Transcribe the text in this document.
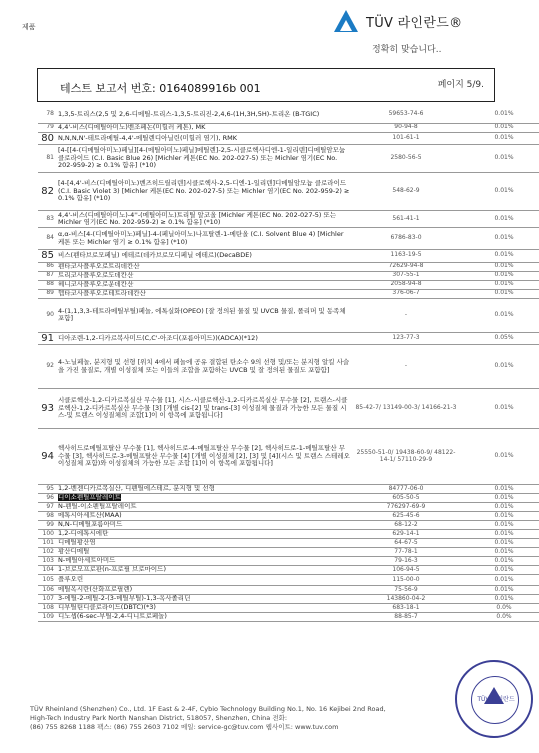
제품	TÜV 라인란드®
정확히 맞습니다..
테스트 보고서 번호: 0164089916b 001	페이지 5/9.
78	1,3,5-트리스(2,5 및 2,6-디메틸-트리스-1,3,5-트리진-2,4,6-(1H,3H,5H)-트리온 (B-TGIC)	59653-74-6	0.01%
79	4,4'-비스(디메틸아미노)벤조페논(미힐러 케톤), MK	90-94-8	0.01%
80	N,N,N,N'-테트라메틸-4,4'-메틸렌디아닐린(미힐러 염기), RMK	101-61-1	0.01%
81	[4-[[4-(디메틸아미노)페닐][4-(메틸아미노)페닐]메틸렌]-2,5-시클로헥사디엔-1-일리덴]디메틸암모늄 클로라이드 (C.I. Basic Blue 26) [Michler 케톤(EC No. 202-027-5) 또는 Michler 염기(EC No. 202-959-2) ≥ 0.1% 함유] (*10)	2580-56-5	0.01%
82	[4-[4,4'-비스(디메틸아미노)벤즈히드릴리덴]시클로헥사-2,5-디엔-1-일리덴]디메틸암모늄 클로라이드 (C.I. Basic Violet 3) [Michler 케톤(EC No. 202-027-5) 또는 Michler 염기(EC No. 202-959-2) ≥ 0.1% 함유] (*10)	548-62-9	0.01%
83	4,4'-비스(디메틸아미노)-4''-(메틸아미노)트리틸 알코올 [Michler 케톤(EC No. 202-027-5) 또는 Michler 염기(EC No. 202-959-2) ≥ 0.1% 함유] (*10)	561-41-1	0.01%
84	α,α-비스[4-(디메틸아미노)페닐]-4-(페닐아미노)나프탈렌-1-메탄올 (C.I. Solvent Blue 4) [Michler 케톤 또는 Michler 염기 ≥ 0.1% 함유] (*10)	6786-83-0	0.01%
85	비스(펜타브로모페닐) 에테르(데카브로모디페닐 에테르)(DecaBDE)	1163-19-5	0.01%
86	펜타코사플루오로트리데칸산	72629-94-8	0.01%
87	트리코사플루오로도데칸산	307-55-1	0.01%
88	헤니코사플루오로운데칸산	2058-94-8	0.01%
89	헵타코사플루오로테트라데칸산	376-06-7	0.01%
90	4-(1,1,3,3-테트라메틸부틸)페놀, 에톡실화(OPEO) [잘 정의된 물질 및 UVCB 물질, 폴리머 및 동족체 포함]	-	0.01%
91	디아조렌-1,2-디카르복사미드(C,C'-아조디(포름아미드))(ADCA)(*12)	123-77-3	0.05%
92	4-노닐페놀, 분지형 및 선형 [위치 4에서 페놀에 공유 결합된 탄소수 9의 선형 및/또는 분지형 알킬 사슬을 가진 물질로, 개별 이성질체 또는 이들의 조합을 포함하는 UVCB 및 잘 정의된 물질도 포함함]	-	0.01%
93	시클로헥산-1,2-디카르복실산 무수물 [1], 시스-시클로헥산-1,2-디카르복실산 무수물 [2], 트랜스-시클로헥산-1,2-디카르복실산 무수물 [3] [개별 cis-[2] 및 trans-[3] 이성질체 물질과 가능한 모든 물질 시스-및 트랜스 이성질체의 조합[1]이 이 항목에 포함됩니다]	85-42-7/ 13149-00-3/ 14166-21-3	0.01%
94	헥사히드로메틸프탈산 무수물 [1], 헥사히드로-4-메틸프탈산 무수물 [2], 헥사히드로-1-메틸프탈산 무수물 [3], 헥사히드로-3-메틸프탈산 무수물 [4] [개별 이성질체 [2], [3] 및 [4](시스 및 트랜스 스테레오 이성질체 포함)와 이성질체의 가능한 모든 조합 [1]이 이 항목에 포함됩니다]	25550-51-0/ 19438-60-9/ 48122-14-1/ 57110-29-9	0.01%
95	1,2-벤젠디카르복실산, 디펜틸에스테르, 분지형 및 선형	84777-06-0	0.01%
96	디이소펜틸프탈레이트	605-50-5	0.01%
97	N-펜틸-이소펜틸프탈레이트	776297-69-9	0.01%
98	메톡시아세트산(MAA)	625-45-6	0.01%
99	N,N-디메틸포름아미드	68-12-2	0.01%
100	1,2-디에톡시에탄	629-14-1	0.01%
101	디메틸황산염	64-67-5	0.01%
102	황산디메틸	77-78-1	0.01%
103	N-메틸아세트아미드	79-16-3	0.01%
104	1-브로모프로판(n-프로필 브로마이드)	106-94-5	0.01%
105	플루오린	115-00-0	0.01%
106	메틸옥시란(산화프로필렌)	75-56-9	0.01%
107	3-에틸-2-메틸-2-(3-메틸부틸)-1,3-옥사졸리딘	143860-04-2	0.01%
108	디부틸틴디클로라이드(DBTC)(*3)	683-18-1	0.0%
109	디노셉(6-sec-부틸-2,4-디니트로페놀)	88-85-7	0.0%
TÜV Rheinland (Shenzhen) Co., Ltd. 1F East & 2-4F, Cybio Technology Building No.1, No. 16 Kejibei 2nd Road,
High-Tech Industry Park North Nanshan District, 518057, Shenzhen, China 전화:
(86) 755 8268 1188 팩스: (86) 755 2603 7102 메일: service-gc@tuv.com 웹사이트: www.tuv.com
TÜV 라인란드
